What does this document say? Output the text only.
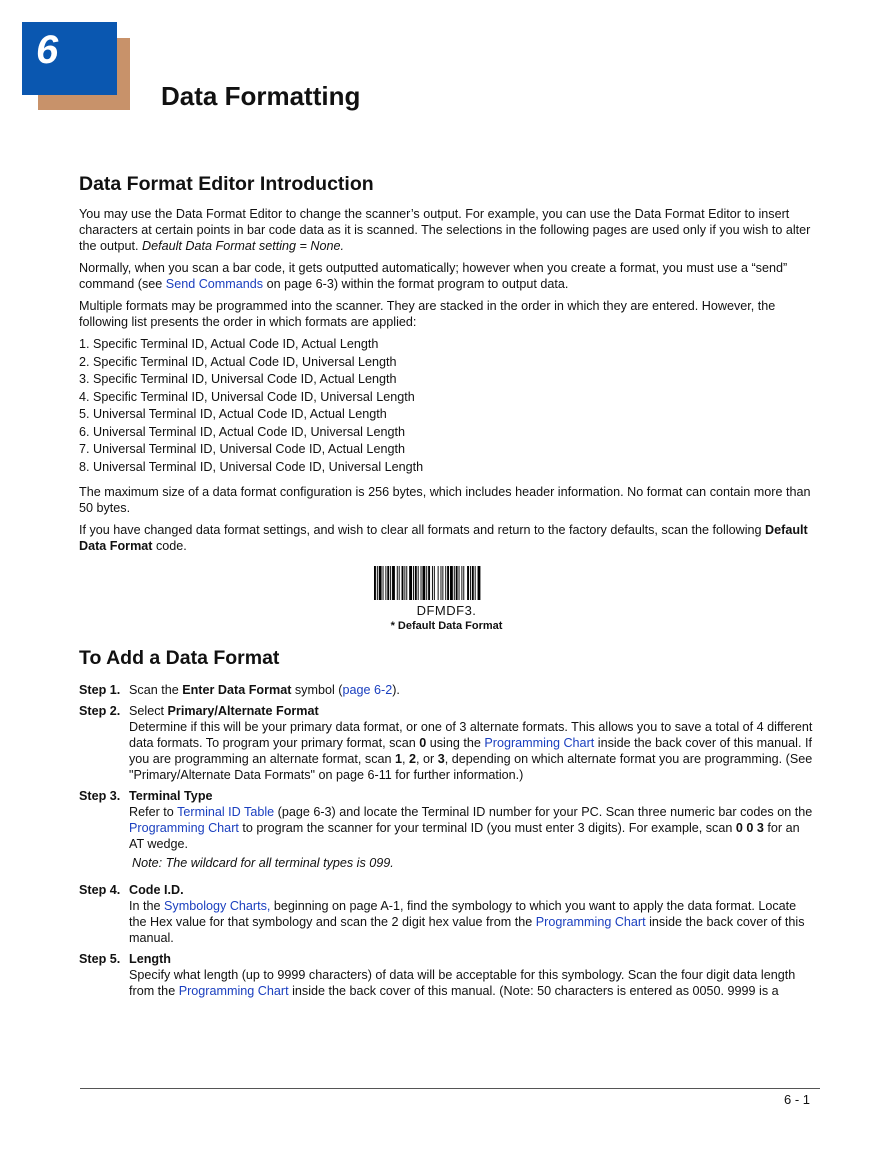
6
Data Formatting
Data Format Editor Introduction

You may use the Data Format Editor to change the scanner’s output. For example, you can use the Data Format Editor to insert characters at certain points in bar code data as it is scanned. The selections in the following pages are used only if you wish to alter the output. Default Data Format setting = None.

Normally, when you scan a bar code, it gets outputted automatically; however when you create a format, you must use a “send” command (see Send Commands on page 6-3) within the format program to output data.

Multiple formats may be programmed into the scanner. They are stacked in the order in which they are entered. However, the following list presents the order in which formats are applied:

1. Specific Terminal ID, Actual Code ID, Actual Length
2. Specific Terminal ID, Actual Code ID, Universal Length
3. Specific Terminal ID, Universal Code ID, Actual Length
4. Specific Terminal ID, Universal Code ID, Universal Length
5. Universal Terminal ID, Actual Code ID, Actual Length
6. Universal Terminal ID, Actual Code ID, Universal Length
7. Universal Terminal ID, Universal Code ID, Actual Length
8. Universal Terminal ID, Universal Code ID, Universal Length

The maximum size of a data format configuration is 256 bytes, which includes header information. No format can contain more than 50 bytes.

If you have changed data format settings, and wish to clear all formats and return to the factory defaults, scan the following Default Data Format code.

DFMDF3.
* Default Data Format
To Add a Data Format
Step 1. Scan the Enter Data Format symbol (page 6-2).
Step 2. Select Primary/Alternate Format
Determine if this will be your primary data format, or one of 3 alternate formats. This allows you to save a total of 4 different data formats. To program your primary format, scan 0 using the Programming Chart inside the back cover of this manual. If you are programming an alternate format, scan 1, 2, or 3, depending on which alternate format you are programming. (See "Primary/Alternate Data Formats" on page 6-11 for further information.)
Step 3. Terminal Type
Refer to Terminal ID Table (page 6-3) and locate the Terminal ID number for your PC. Scan three numeric bar codes on the Programming Chart to program the scanner for your terminal ID (you must enter 3 digits). For example, scan 0 0 3 for an AT wedge.
Note: The wildcard for all terminal types is 099.
Step 4. Code I.D.
In the Symbology Charts, beginning on page A-1, find the symbology to which you want to apply the data format. Locate the Hex value for that symbology and scan the 2 digit hex value from the Programming Chart inside the back cover of this manual.
Step 5. Length
Specify what length (up to 9999 characters) of data will be acceptable for this symbology. Scan the four digit data length from the Programming Chart inside the back cover of this manual. (Note: 50 characters is entered as 0050. 9999 is a
6 - 1
